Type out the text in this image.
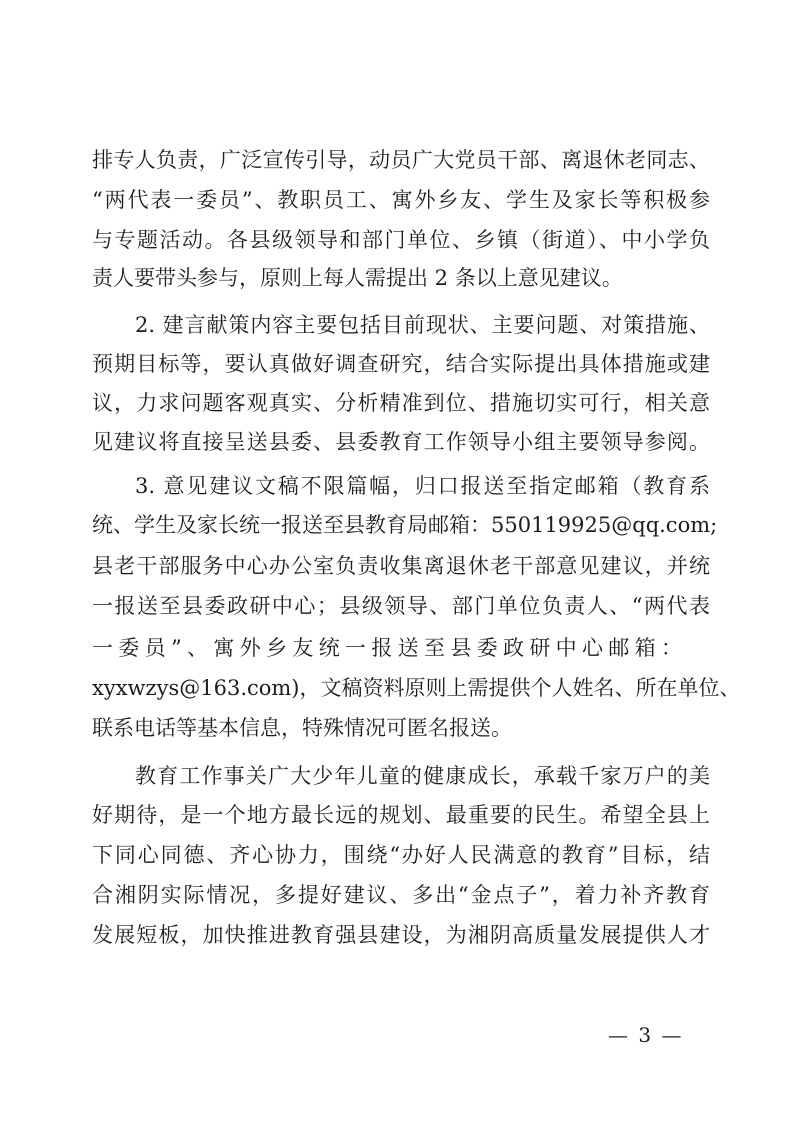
排专人负责，广泛宣传引导，动员广大党员干部、离退休老同志、
“两代表一委员”、教职员工、寓外乡友、学生及家长等积极参
与专题活动。各县级领导和部门单位、乡镇（街道）、中小学负
责人要带头参与，原则上每人需提出 2 条以上意见建议。
2. 建言献策内容主要包括目前现状、主要问题、对策措施、
预期目标等，要认真做好调查研究，结合实际提出具体措施或建
议，力求问题客观真实、分析精准到位、措施切实可行，相关意
见建议将直接呈送县委、县委教育工作领导小组主要领导参阅。
3. 意见建议文稿不限篇幅，归口报送至指定邮箱（教育系
统、学生及家长统一报送至县教育局邮箱：550119925@qq.com;
县老干部服务中心办公室负责收集离退休老干部意见建议，并统
一报送至县委政研中心；县级领导、部门单位负责人、“两代表
一委员”、寓外乡友统一报送至县委政研中心邮箱：
xyxwzys@163.com)，文稿资料原则上需提供个人姓名、所在单位、
联系电话等基本信息，特殊情况可匿名报送。
教育工作事关广大少年儿童的健康成长，承载千家万户的美
好期待，是一个地方最长远的规划、最重要的民生。希望全县上
下同心同德、齐心协力，围绕“办好人民满意的教育”目标，结
合湘阴实际情况，多提好建议、多出“金点子”，着力补齐教育
发展短板，加快推进教育强县建设，为湘阴高质量发展提供人才
— 3 —
